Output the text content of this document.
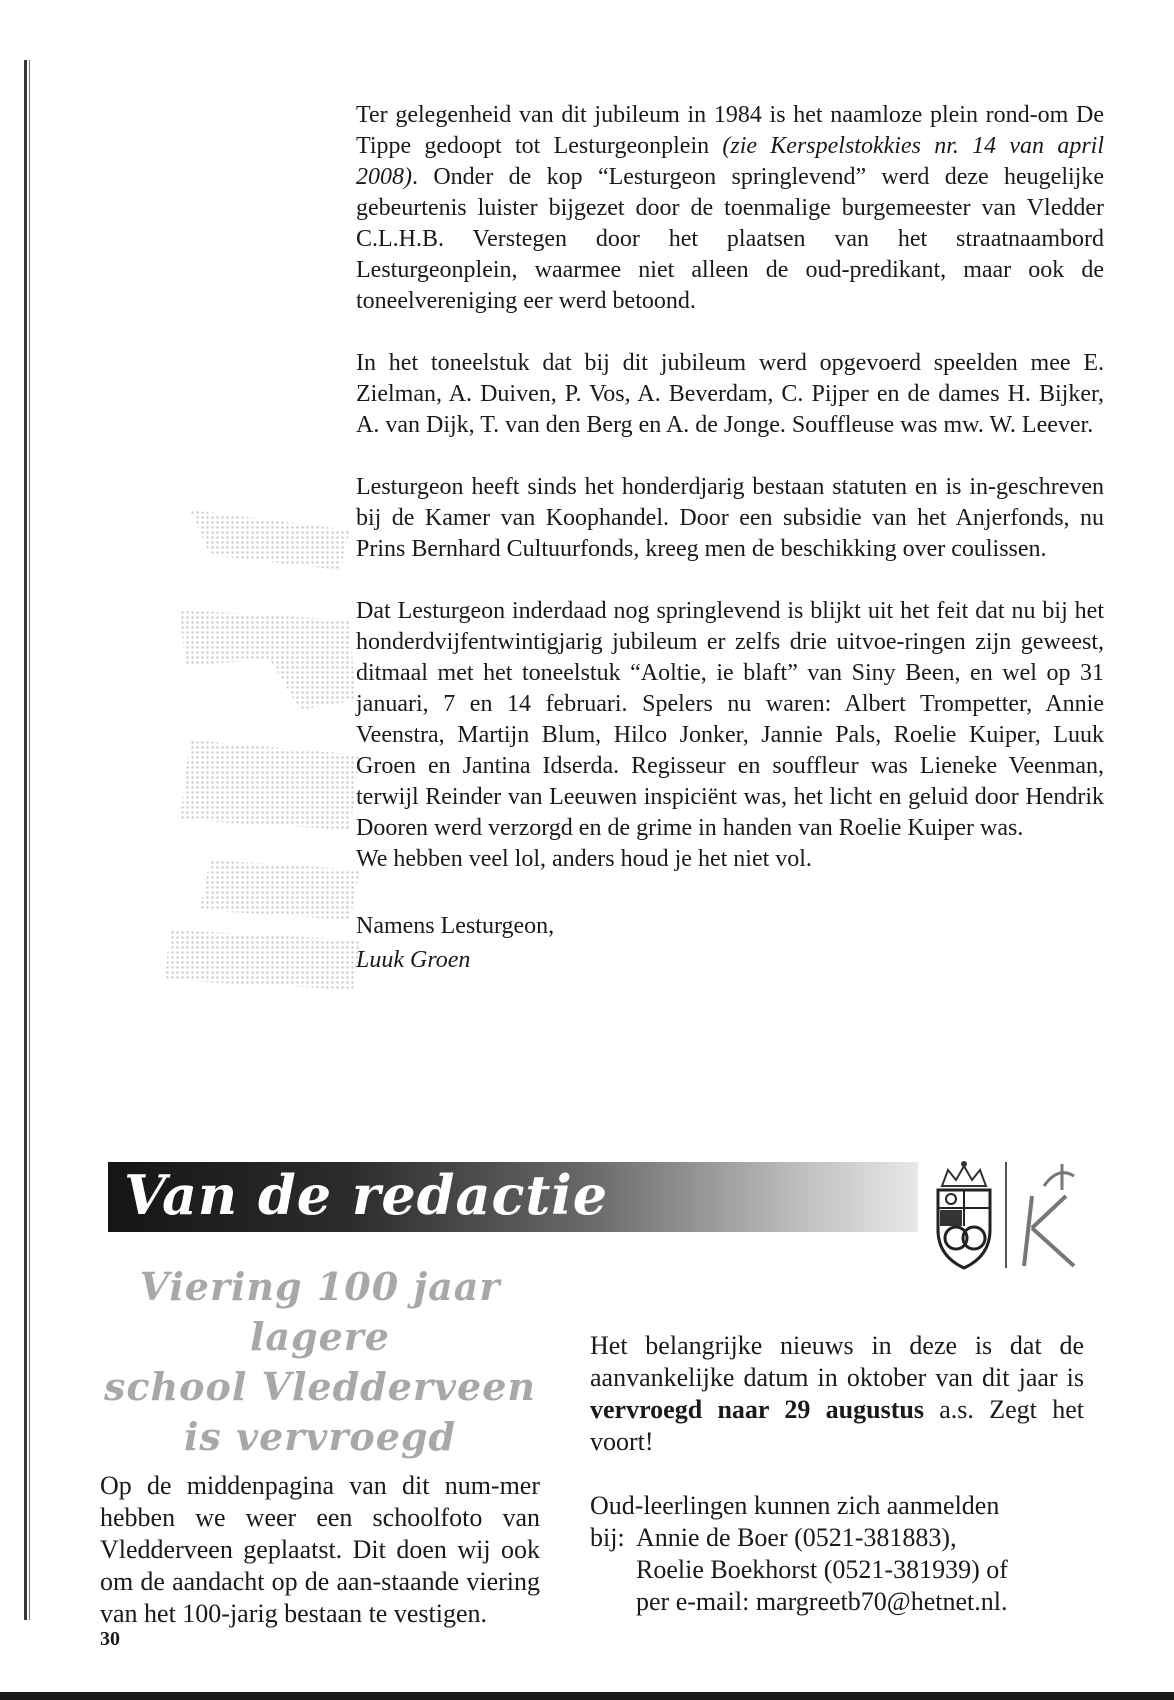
Ter gelegenheid van dit jubileum in 1984 is het naamloze plein rond-om De Tippe gedoopt tot Lesturgeonplein (zie Kerspelstokkies nr. 14 van april 2008). Onder de kop “Lesturgeon springlevend” werd deze heugelijke gebeurtenis luister bijgezet door de toenmalige burgemeester van Vledder C.L.H.B. Verstegen door het plaatsen van het straatnaambord Lesturgeonplein, waarmee niet alleen de oud-predikant, maar ook de toneelvereniging eer werd betoond.

In het toneelstuk dat bij dit jubileum werd opgevoerd speelden mee E. Zielman, A. Duiven, P. Vos, A. Beverdam, C. Pijper en de dames H. Bijker, A. van Dijk, T. van den Berg en A. de Jonge. Souffleuse was mw. W. Leever.

Lesturgeon heeft sinds het honderdjarig bestaan statuten en is in-geschreven bij de Kamer van Koophandel. Door een subsidie van het Anjerfonds, nu Prins Bernhard Cultuurfonds, kreeg men de beschikking over coulissen.

Dat Lesturgeon inderdaad nog springlevend is blijkt uit het feit dat nu bij het honderdvijfentwintigjarig jubileum er zelfs drie uitvoe-ringen zijn geweest, ditmaal met het toneelstuk “Aoltie, ie blaft” van Siny Been, en wel op 31 januari, 7 en 14 februari. Spelers nu waren: Albert Trompetter, Annie Veenstra, Martijn Blum, Hilco Jonker, Jannie Pals, Roelie Kuiper, Luuk Groen en Jantina Idserda. Regisseur en souffleur was Lieneke Veenman, terwijl Reinder van Leeuwen inspiciënt was, het licht en geluid door Hendrik Dooren werd verzorgd en de grime in handen van Roelie Kuiper was.

We hebben veel lol, anders houd je het niet vol.

Namens Lesturgeon,
Luuk Groen
Van de redactie
Viering 100 jaar lagere
school Vledderveen
is vervroegd

Op de middenpagina van dit num-mer hebben we weer een schoolfoto van Vledderveen geplaatst. Dit doen wij ook om de aandacht op de aan-staande viering van het 100-jarig bestaan te vestigen.

Het belangrijke nieuws in deze is dat de aanvankelijke datum in oktober van dit jaar is vervroegd naar 29 augustus a.s. Zegt het voort!

Oud-leerlingen kunnen zich aanmelden
bij: Annie de Boer (0521-381883),
Roelie Boekhorst (0521-381939) of
per e-mail: margreetb70@hetnet.nl.
30
